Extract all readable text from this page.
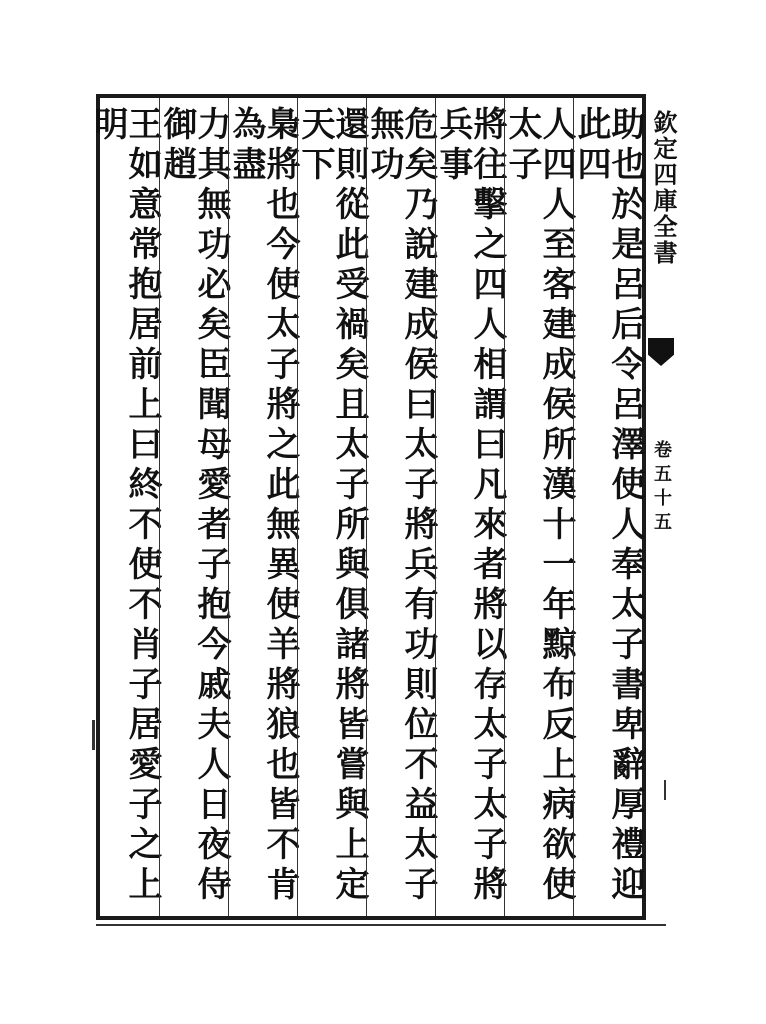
助也於是呂后令呂澤使人奉太子書卑辭厚禮迎此四
人四人至客建成侯所漢十一年黥布反上病欲使太子
將往擊之四人相謂曰凡來者將以存太子太子將兵事
危矣乃說建成侯曰太子將兵有功則位不益太子無功
還則從此受禍矣且太子所與俱諸將皆嘗與上定天下
梟將也今使太子將之此無異使羊將狼也皆不肯為盡
力其無功必矣臣聞母愛者子抱今戚夫人日夜侍御趙
王如意常抱居前上曰終不使不肖子居愛子之上明	欽定四庫全書
卷五十五
